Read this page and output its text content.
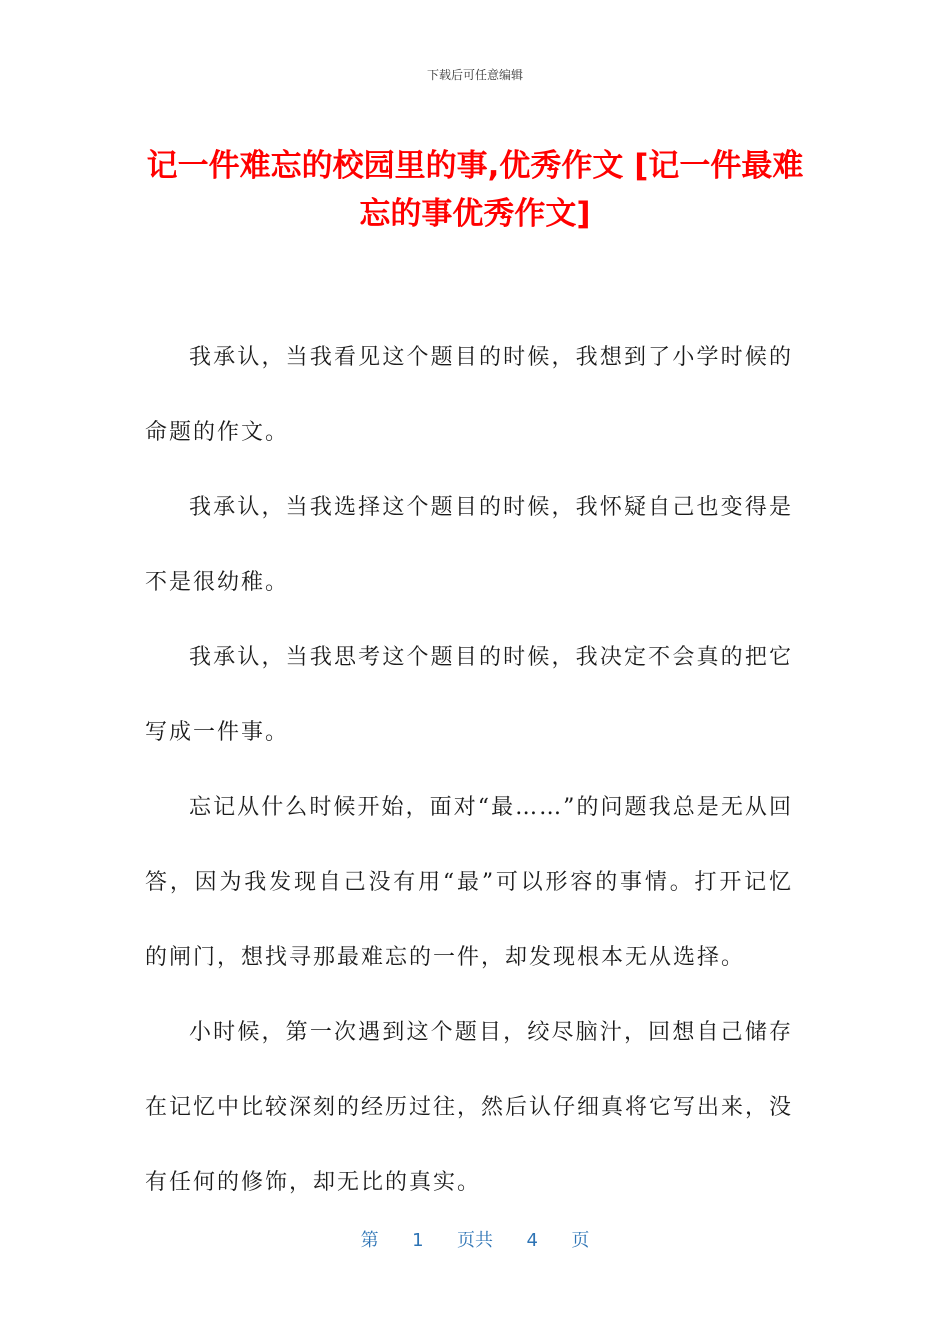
下载后可任意编辑
记一件难忘的校园里的事,优秀作文 [记一件最难忘的事优秀作文]

我承认，当我看见这个题目的时候，我想到了小学时候的命题的作文。

我承认，当我选择这个题目的时候，我怀疑自己也变得是不是很幼稚。

我承认，当我思考这个题目的时候，我决定不会真的把它写成一件事。

忘记从什么时候开始，面对“最……”的问题我总是无从回答，因为我发现自己没有用“最”可以形容的事情。打开记忆的闸门，想找寻那最难忘的一件，却发现根本无从选择。

小时候，第一次遇到这个题目，绞尽脑汁，回想自己储存在记忆中比较深刻的经历过往，然后认仔细真将它写出来，没有任何的修饰，却无比的真实。

第 1 页共 4 页
